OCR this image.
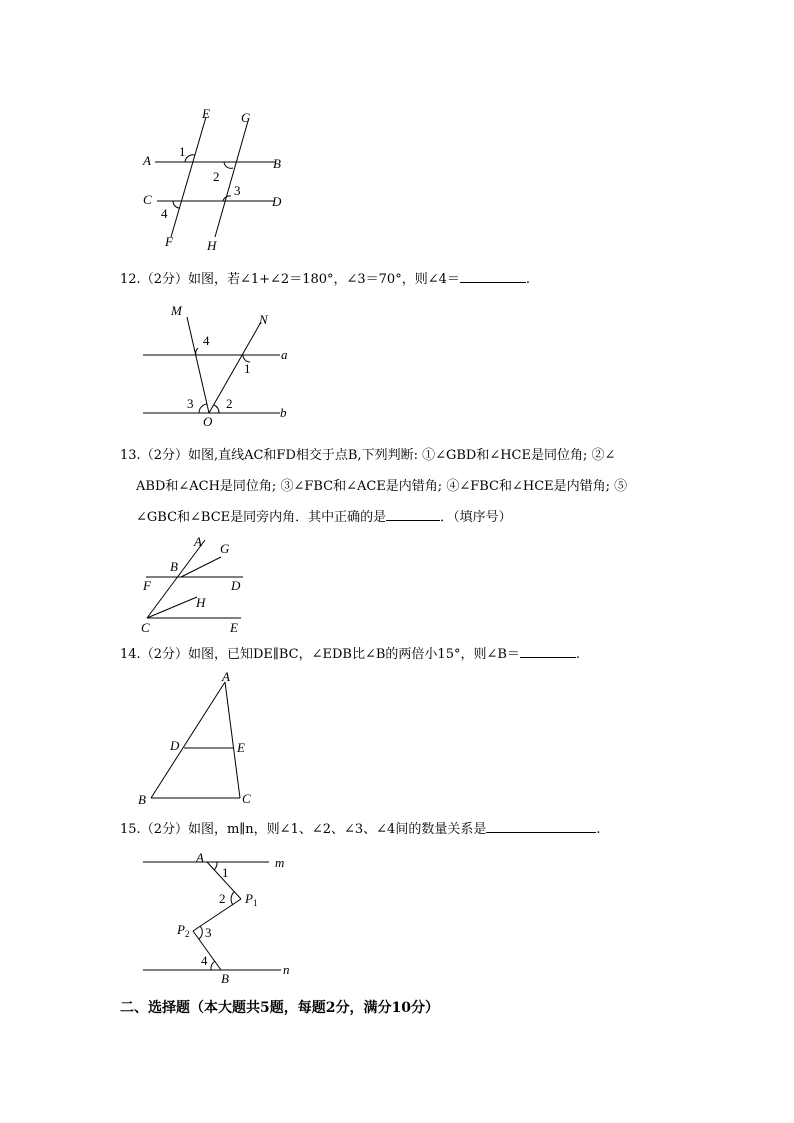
E G
A	B
C	D
F	H
1
2
3
4
12.（2分）如图，若∠1+∠2＝180°，∠3＝70°，则∠4＝	.
M
N
a
b
O
4
1
3	2
13.（2分）如图,直线AC和FD相交于点B,下列判断: ①∠GBD和∠HCE是同位角; ②∠
ABD和∠ACH是同位角; ③∠FBC和∠ACE是内错角; ④∠FBC和∠HCE是内错角; ⑤
∠GBC和∠BCE是同旁内角．其中正确的是	．（填序号）
A G
B
F	D
H
C	E
14.（2分）如图，已知DE∥BC，∠EDB比∠B的两倍小15°，则∠B＝	.
A
D	E
B	C
15.（2分）如图，m∥n，则∠1、∠2、∠3、∠4间的数量关系是	.
A	m
1
2 $P_1$
$P_2$ 3
4
B
n
二、选择题（本大题共5题，每题2分，满分10分）
